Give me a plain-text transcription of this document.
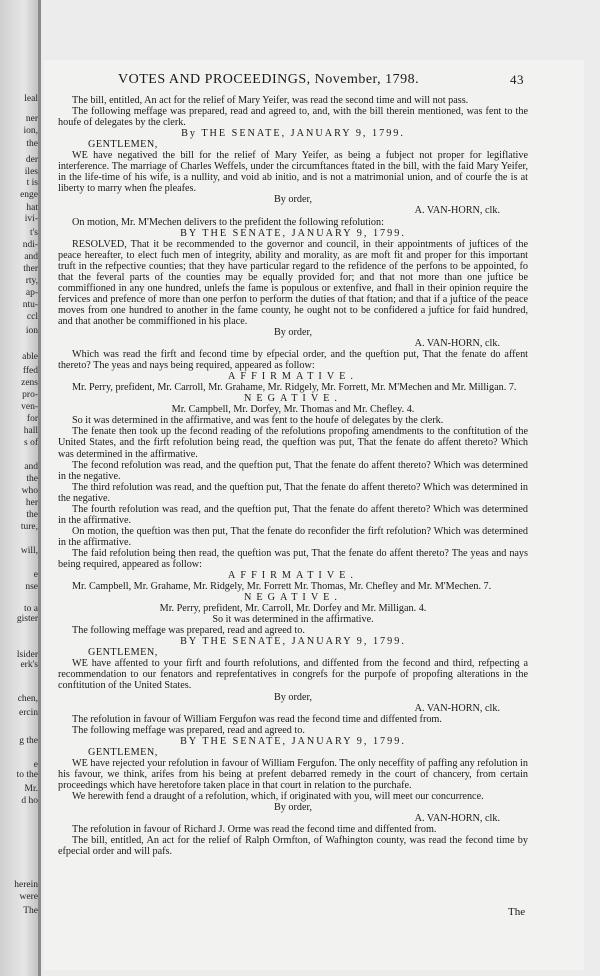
leal
ner
ion,
the
der
iles
t is
enge
hat
ivi-
t's
ndi-
and
ther
rty,
ap-
ntu-
ccl
ion
able
ffed
zens
pro-
ven-
for
hall
s of
and
the
who
her
the
ture,
will,
e
nse
to a
gister
lsider
erk's
chen,
ercin
g the
e
to the
Mr.
d ho
herein
were
The
VOTES AND PROCEEDINGS, November, 1798.	43

The bill, entitled, An act for the relief of Mary Yeifer, was read the second time and will not pass.

The following meffage was prepared, read and agreed to, and, with the bill therein mentioned, was fent to the houfe of delegates by the clerk.

By THE SENATE, JANUARY 9, 1799.

GENTLEMEN,

WE have negatived the bill for the relief of Mary Yeifer, as being a fubject not proper for legiflative interference. The marriage of Charles Weffels, under the circumftances ftated in the bill, with the faid Mary Yeifer, in the life-time of his wife, is a nullity, and void ab initio, and is not a matrimonial union, and of courfe the is at liberty to marry when fhe pleafes.

By order,

A. VAN-HORN, clk.

On motion, Mr. M'Mechen delivers to the prefident the following refolution:

BY THE SENATE, JANUARY 9, 1799.

RESOLVED, That it be recommended to the governor and council, in their appointments of juftices of the peace hereafter, to elect fuch men of integrity, ability and morality, as are moft fit and proper for this important truft in the refpective counties; that they have particular regard to the refidence of the perfons to be appointed, fo that the feveral parts of the counties may be equally provided for; and that not more than one juftice be commiffioned in any one hundred, unlefs the fame is populous or extenfive, and fhall in their opinion require the fervices and prefence of more than one perfon to perform the duties of that ftation; and that if a juftice of the peace moves from one hundred to another in the fame county, he ought not to be confidered a juftice for faid hundred, and that another be commiffioned in his place.

By order,

A. VAN-HORN, clk.

Which was read the firft and fecond time by efpecial order, and the queftion put, That the fenate do affent thereto? The yeas and nays being required, appeared as follow:

AFFIRMATIVE.

Mr. Perry, prefident, Mr. Carroll, Mr. Grahame, Mr. Ridgely, Mr. Forrett, Mr. M'Mechen and Mr. Milligan. 7.

NEGATIVE.

Mr. Campbell, Mr. Dorfey, Mr. Thomas and Mr. Chefley. 4.

So it was determined in the affirmative, and was fent to the houfe of delegates by the clerk.

The fenate then took up the fecond reading of the refolutions propofing amendments to the conftitution of the United States, and the firft refolution being read, the queftion was put, That the fenate do affent thereto? Which was determined in the affirmative.

The fecond refolution was read, and the queftion put, That the fenate do affent thereto? Which was determined in the negative.

The third refolution was read, and the queftion put, That the fenate do affent thereto? Which was determined in the negative.

The fourth refolution was read, and the queftion put, That the fenate do affent thereto? Which was determined in the affirmative.

On motion, the queftion was then put, That the fenate do reconfider the firft refolution? Which was determined in the affirmative.

The faid refolution being then read, the queftion was put, That the fenate do affent thereto? The yeas and nays being required, appeared as follow:

AFFIRMATIVE.

Mr. Campbell, Mr. Grahame, Mr. Ridgely, Mr. Forrett Mr. Thomas, Mr. Chefley and Mr. M'Mechen. 7.

NEGATIVE.

Mr. Perry, prefident, Mr. Carroll, Mr. Dorfey and Mr. Milligan. 4.

So it was determined in the affirmative.

The following meffage was prepared, read and agreed to.

BY THE SENATE, JANUARY 9, 1799.

GENTLEMEN,

WE have affented to your firft and fourth refolutions, and diffented from the fecond and third, refpecting a recommendation to our fenators and reprefentatives in congrefs for the purpofe of propofing alterations in the conftitution of the United States.

By order,

A. VAN-HORN, clk.

The refolution in favour of William Fergufon was read the fecond time and diffented from.

The following meffage was prepared, read and agreed to.

BY THE SENATE, JANUARY 9, 1799.

GENTLEMEN,

WE have rejected your refolution in favour of William Fergufon. The only neceffity of paffing any refolution in his favour, we think, arifes from his being at prefent debarred remedy in the court of chancery, from certain proceedings which have heretofore taken place in that court in relation to the purchafe.

We herewith fend a draught of a refolution, which, if originated with you, will meet our concurrence.

By order,

A. VAN-HORN, clk.

The refolution in favour of Richard J. Orme was read the fecond time and diffented from.

The bill, entitled, An act for the relief of Ralph Ormfton, of Wafhington county, was read the fecond time by efpecial order and will pafs.

The
